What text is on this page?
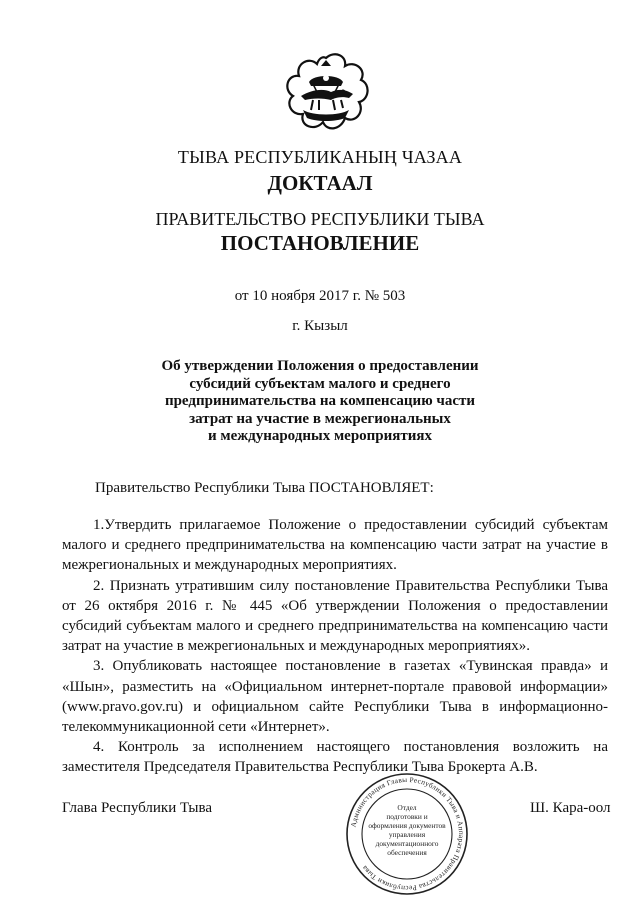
ТЫВА РЕСПУБЛИКАНЫҢ ЧАЗАА
ДОКТААЛ
ПРАВИТЕЛЬСТВО РЕСПУБЛИКИ ТЫВА
ПОСТАНОВЛЕНИЕ
от 10 ноября 2017 г. № 503
г. Кызыл
Об утверждении Положения о предоставлении
субсидий субъектам малого и среднего
предпринимательства на компенсацию части
затрат на участие в межрегиональных
и международных мероприятиях
Правительство Республики Тыва ПОСТАНОВЛЯЕТ:

1.Утвердить прилагаемое Положение о предоставлении субсидий субъектам малого и среднего предпринимательства на компенсацию части затрат на участие в межрегиональных и международных мероприятиях.

2. Признать утратившим силу постановление Правительства Республики Тыва от 26 октября 2016 г. № 445 «Об утверждении Положения о предоставлении субсидий субъектам малого и среднего предпринимательства на компенсацию части затрат на участие в межрегиональных и международных мероприятиях».

3. Опубликовать настоящее постановление в газетах «Тувинская правда» и «Шын», разместить на «Официальном интернет-портале правовой информации» (www.pravo.gov.ru) и официальном сайте Республики Тыва в информационно-телекоммуникационной сети «Интернет».

4. Контроль за исполнением настоящего постановления возложить на заместителя Председателя Правительства Республики Тыва Брокерта А.В.

Глава Республики Тыва	Ш. Кара-оол
Администрация Главы Республики Тыва и Аппарата Правительства Республики Тыва
Отдел
подготовки и
оформления документов
управления
документационного
обеспечения
